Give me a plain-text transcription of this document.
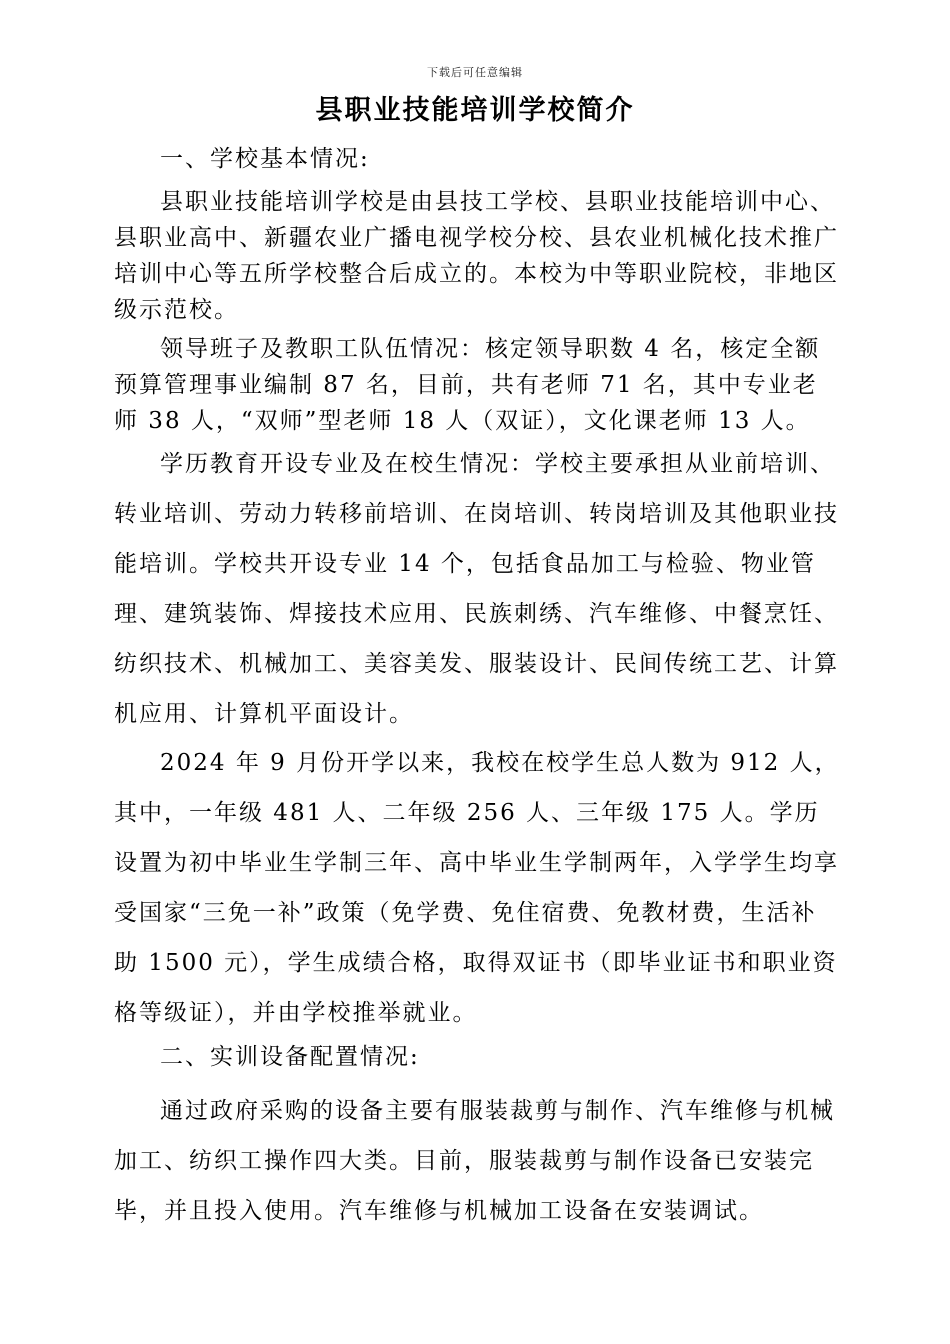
下载后可任意编辑
县职业技能培训学校简介

一、学校基本情况:

县职业技能培训学校是由县技工学校、县职业技能培训中心、县职业高中、新疆农业广播电视学校分校、县农业机械化技术推广培训中心等五所学校整合后成立的。本校为中等职业院校，非地区级示范校。

领导班子及教职工队伍情况：核定领导职数 4 名，核定全额预算管理事业编制 87 名，目前，共有老师 71 名，其中专业老师 38 人，“双师”型老师 18 人（双证），文化课老师 13 人。

学历教育开设专业及在校生情况：学校主要承担从业前培训、转业培训、劳动力转移前培训、在岗培训、转岗培训及其他职业技能培训。学校共开设专业 14 个，包括食品加工与检验、物业管理、建筑装饰、焊接技术应用、民族刺绣、汽车维修、中餐烹饪、纺织技术、机械加工、美容美发、服装设计、民间传统工艺、计算机应用、计算机平面设计。

2024 年 9 月份开学以来，我校在校学生总人数为 912 人，其中，一年级 481 人、二年级 256 人、三年级 175 人。学历设置为初中毕业生学制三年、高中毕业生学制两年，入学学生均享受国家“三免一补”政策（免学费、免住宿费、免教材费，生活补助 1500 元），学生成绩合格，取得双证书（即毕业证书和职业资格等级证），并由学校推举就业。

二、实训设备配置情况:

通过政府采购的设备主要有服装裁剪与制作、汽车维修与机械加工、纺织工操作四大类。目前，服装裁剪与制作设备已安装完毕，并且投入使用。汽车维修与机械加工设备在安装调试。
